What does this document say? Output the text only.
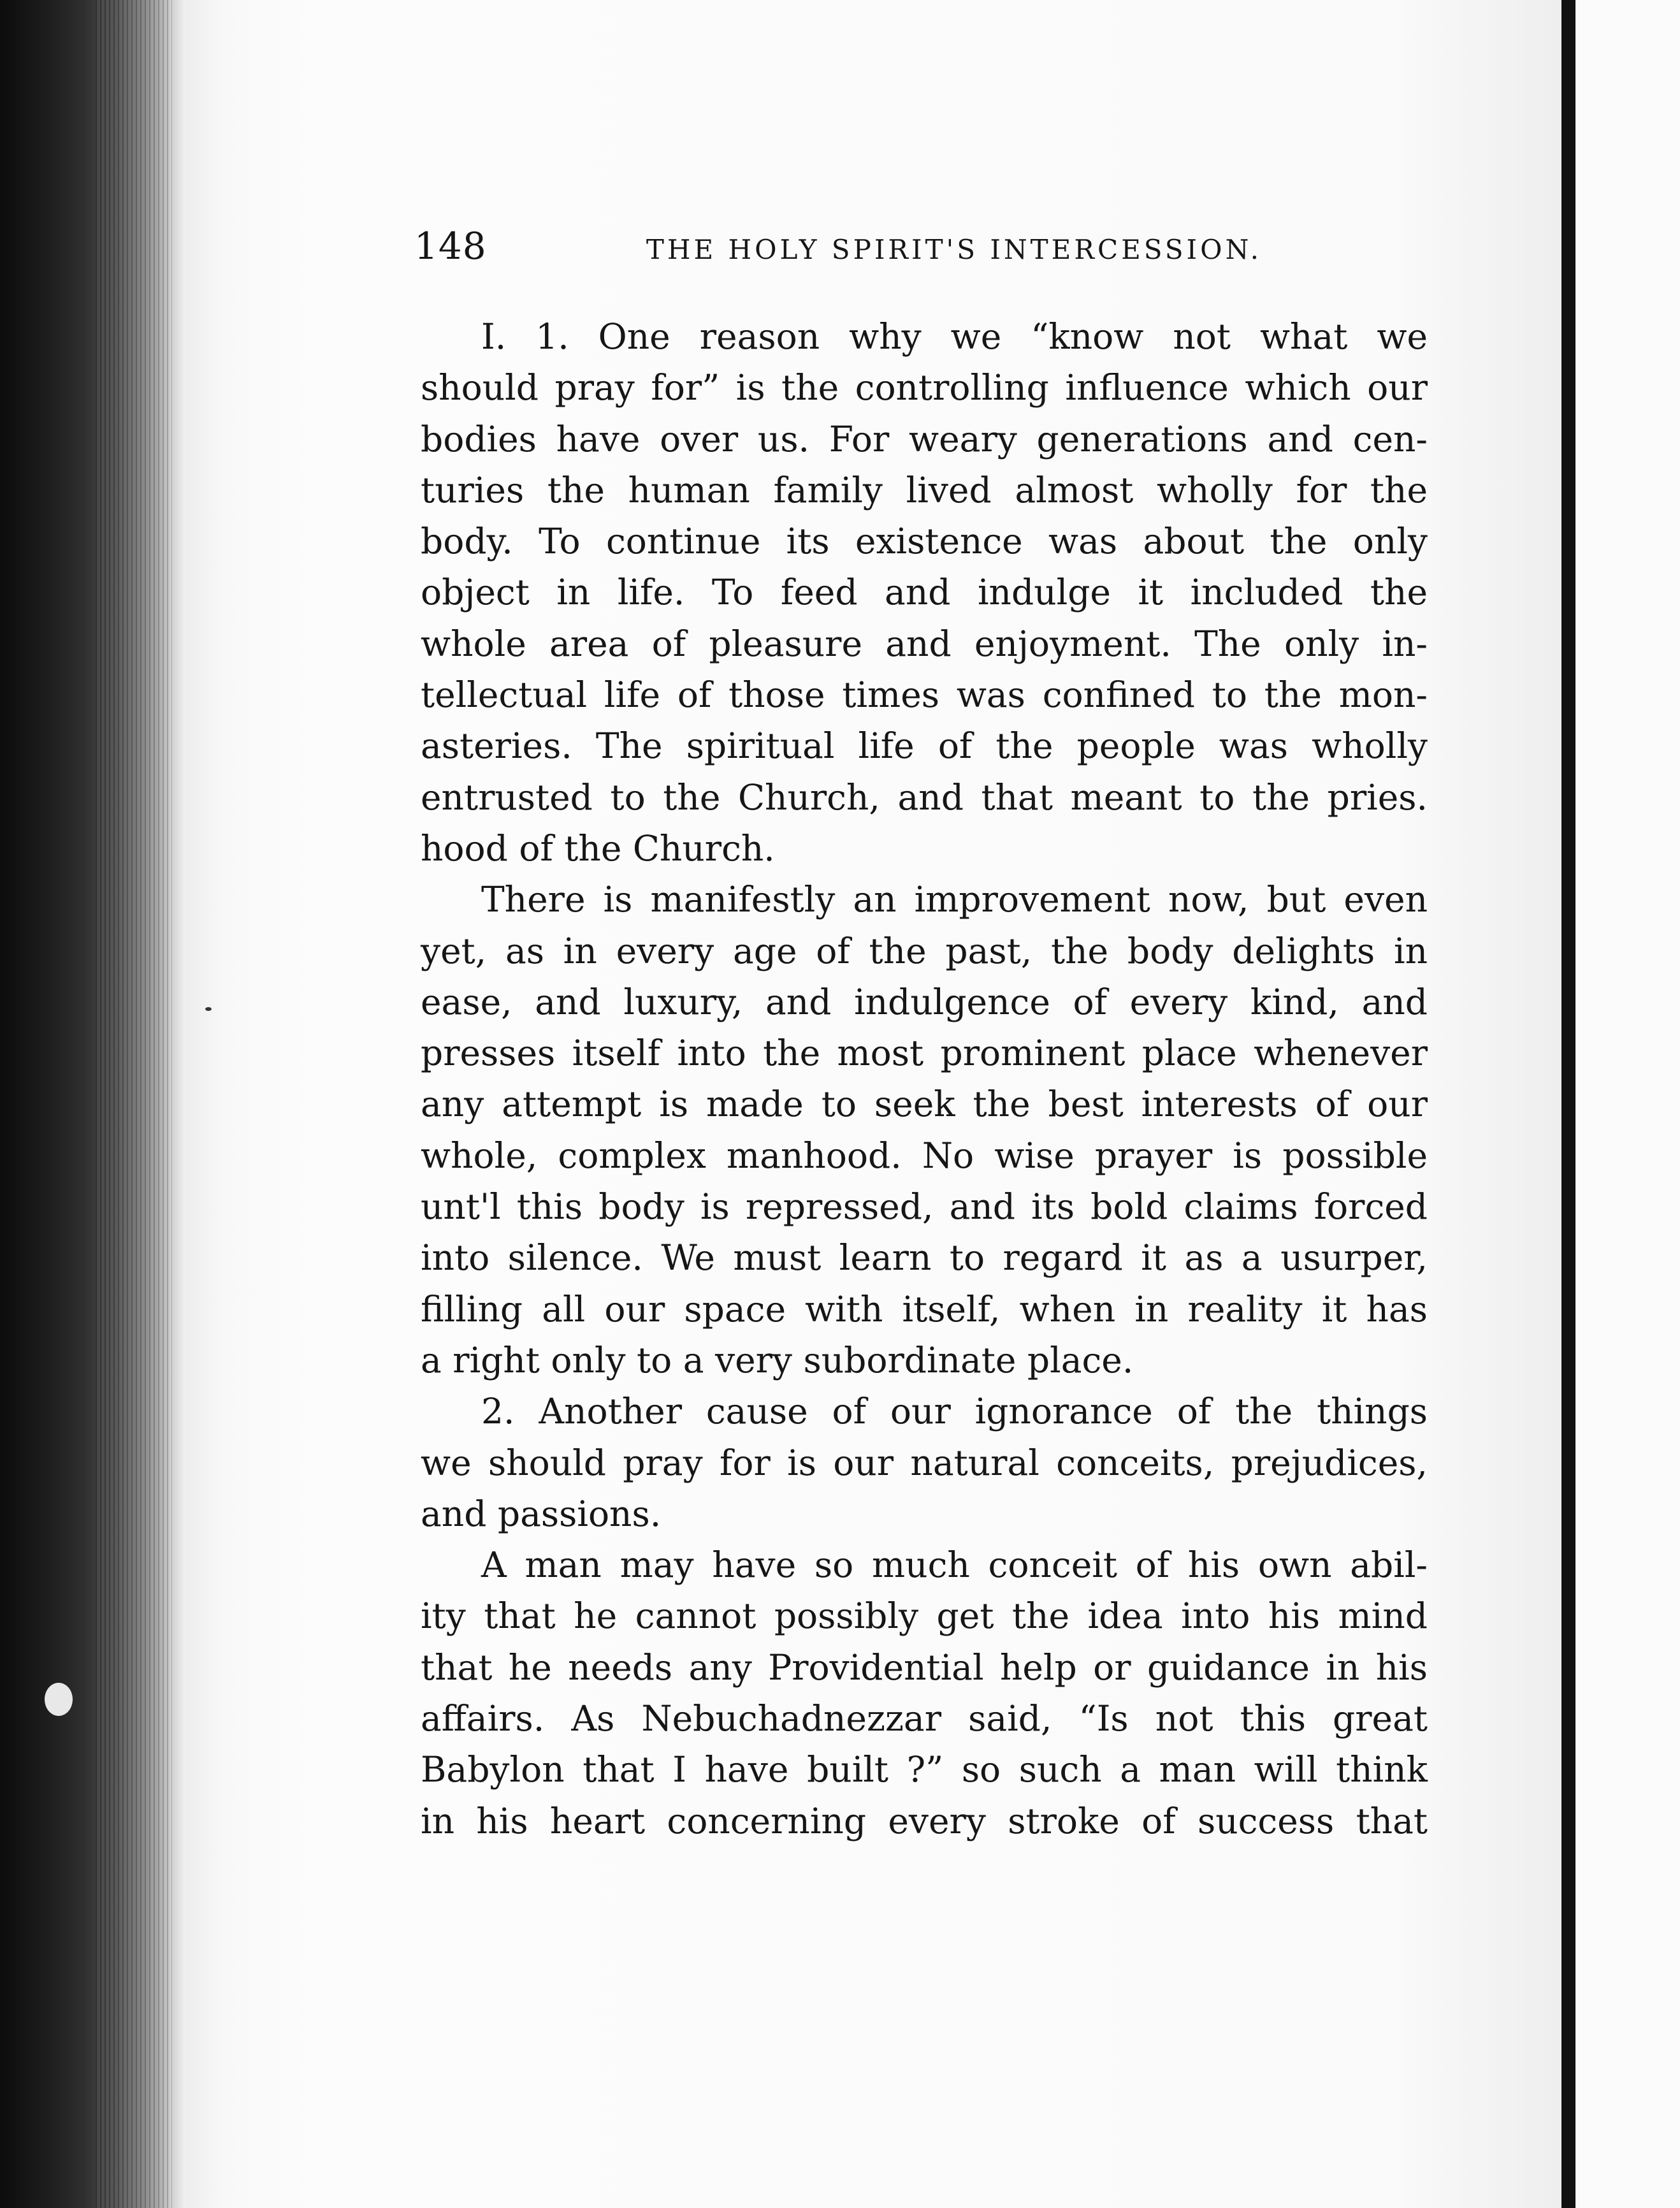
148	THE HOLY SPIRIT'S INTERCESSION.
I. 1. One reason why we “know not what we
should pray for” is the controlling influence which our
bodies have over us. For weary generations and cen-
turies the human family lived almost wholly for the
body. To continue its existence was about the only
object in life. To feed and indulge it included the
whole area of pleasure and enjoyment. The only in-
tellectual life of those times was confined to the mon-
asteries. The spiritual life of the people was wholly
entrusted to the Church, and that meant to the pries.
hood of the Church.
There is manifestly an improvement now, but even
yet, as in every age of the past, the body delights in
ease, and luxury, and indulgence of every kind, and
presses itself into the most prominent place whenever
any attempt is made to seek the best interests of our
whole, complex manhood. No wise prayer is possible
unt'l this body is repressed, and its bold claims forced
into silence. We must learn to regard it as a usurper,
filling all our space with itself, when in reality it has
a right only to a very subordinate place.
2. Another cause of our ignorance of the things
we should pray for is our natural conceits, prejudices,
and passions.
A man may have so much conceit of his own abil-
ity that he cannot possibly get the idea into his mind
that he needs any Providential help or guidance in his
affairs. As Nebuchadnezzar said, “Is not this great
Babylon that I have built ?” so such a man will think
in his heart concerning every stroke of success that
